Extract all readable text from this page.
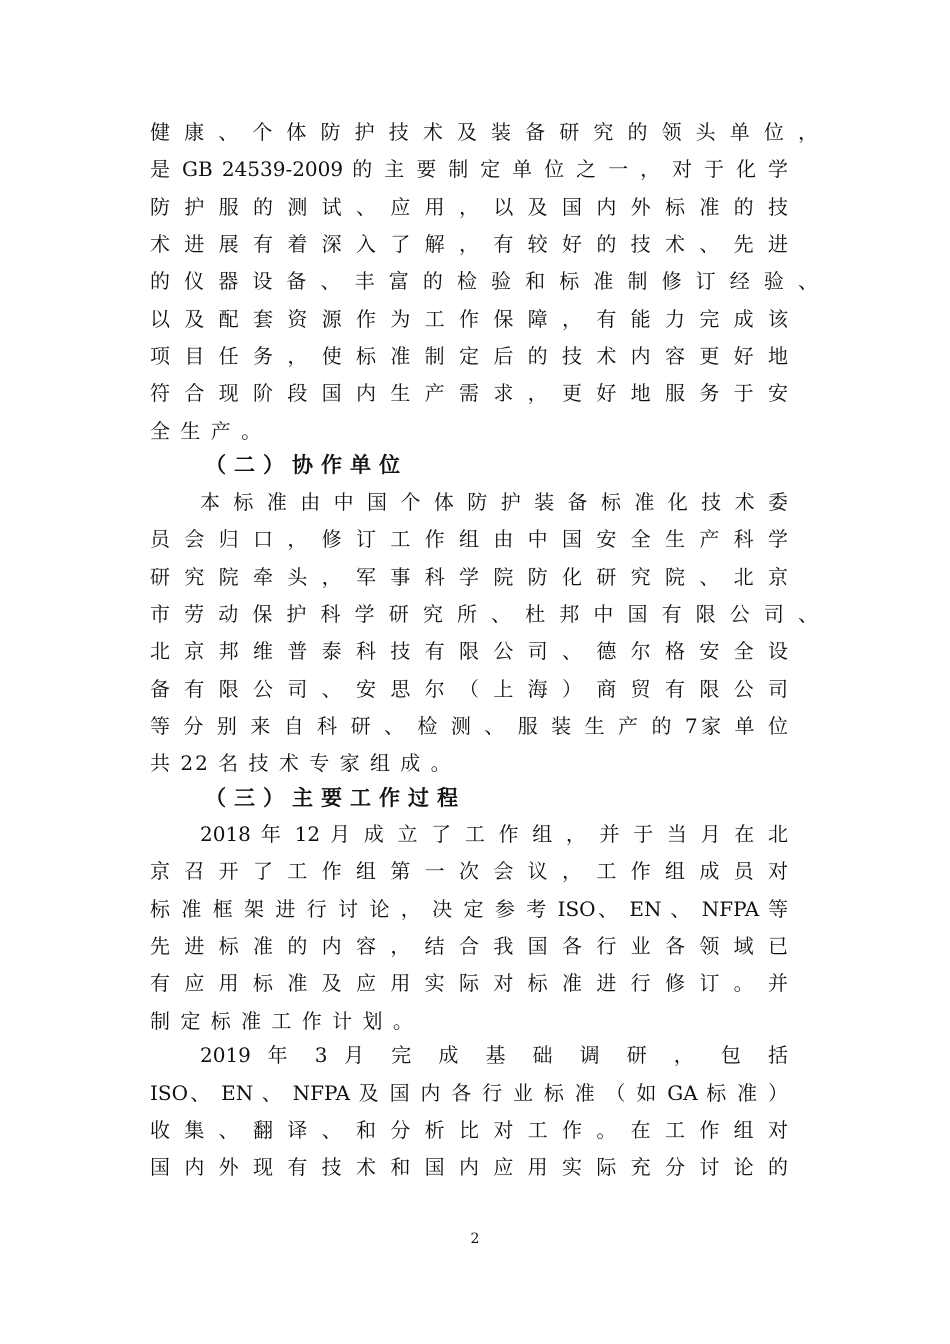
健 康 、 个 体 防 护 技 术 及 装 备 研 究 的 领 头 单 位 ，
是 GB 24539-2009 的 主 要 制 定 单 位 之 一 ， 对 于 化 学
防 护 服 的 测 试 、 应 用 ， 以 及 国 内 外 标 准 的 技
术 进 展 有 着 深 入 了 解 ， 有 较 好 的 技 术 、 先 进
的 仪 器 设 备 、 丰 富 的 检 验 和 标 准 制 修 订 经 验 、
以 及 配 套 资 源 作 为 工 作 保 障 ， 有 能 力 完 成 该
项 目 任 务 ， 使 标 准 制 定 后 的 技 术 内 容 更 好 地
符 合 现 阶 段 国 内 生 产 需 求 ， 更 好 地 服 务 于 安
全 生 产 。
（二）协作单位
本 标 准 由 中 国 个 体 防 护 装 备 标 准 化 技 术 委
员 会 归 口 ， 修 订 工 作 组 由 中 国 安 全 生 产 科 学
研 究 院 牵 头 ， 军 事 科 学 院 防 化 研 究 院 、 北 京
市 劳 动 保 护 科 学 研 究 所 、 杜 邦 中 国 有 限 公 司 、
北 京 邦 维 普 泰 科 技 有 限 公 司 、 德 尔 格 安 全 设
备 有 限 公 司 、 安 思 尔 （ 上 海 ） 商 贸 有 限 公 司
等 分 别 来 自 科 研 、 检 测 、 服 装 生 产 的 7家 单 位
共 22 名 技 术 专 家 组 成 。
（三）主要工作过程
2018 年 12 月 成 立 了 工 作 组 ， 并 于 当 月 在 北
京 召 开 了 工 作 组 第 一 次 会 议 ， 工 作 组 成 员 对
标 准 框 架 进 行 讨 论 ， 决 定 参 考 ISO、 EN 、 NFPA 等
先 进 标 准 的 内 容 ， 结 合 我 国 各 行 业 各 领 域 已
有 应 用 标 准 及 应 用 实 际 对 标 准 进 行 修 订 。 并
制 定 标 准 工 作 计 划 。
2019 年 3 月 完 成 基 础 调 研 ， 包 括
ISO、 EN 、 NFPA 及 国 内 各 行 业 标 准 （ 如 GA 标 准 ）
收 集 、 翻 译 、 和 分 析 比 对 工 作 。 在 工 作 组 对
国 内 外 现 有 技 术 和 国 内 应 用 实 际 充 分 讨 论 的
2
